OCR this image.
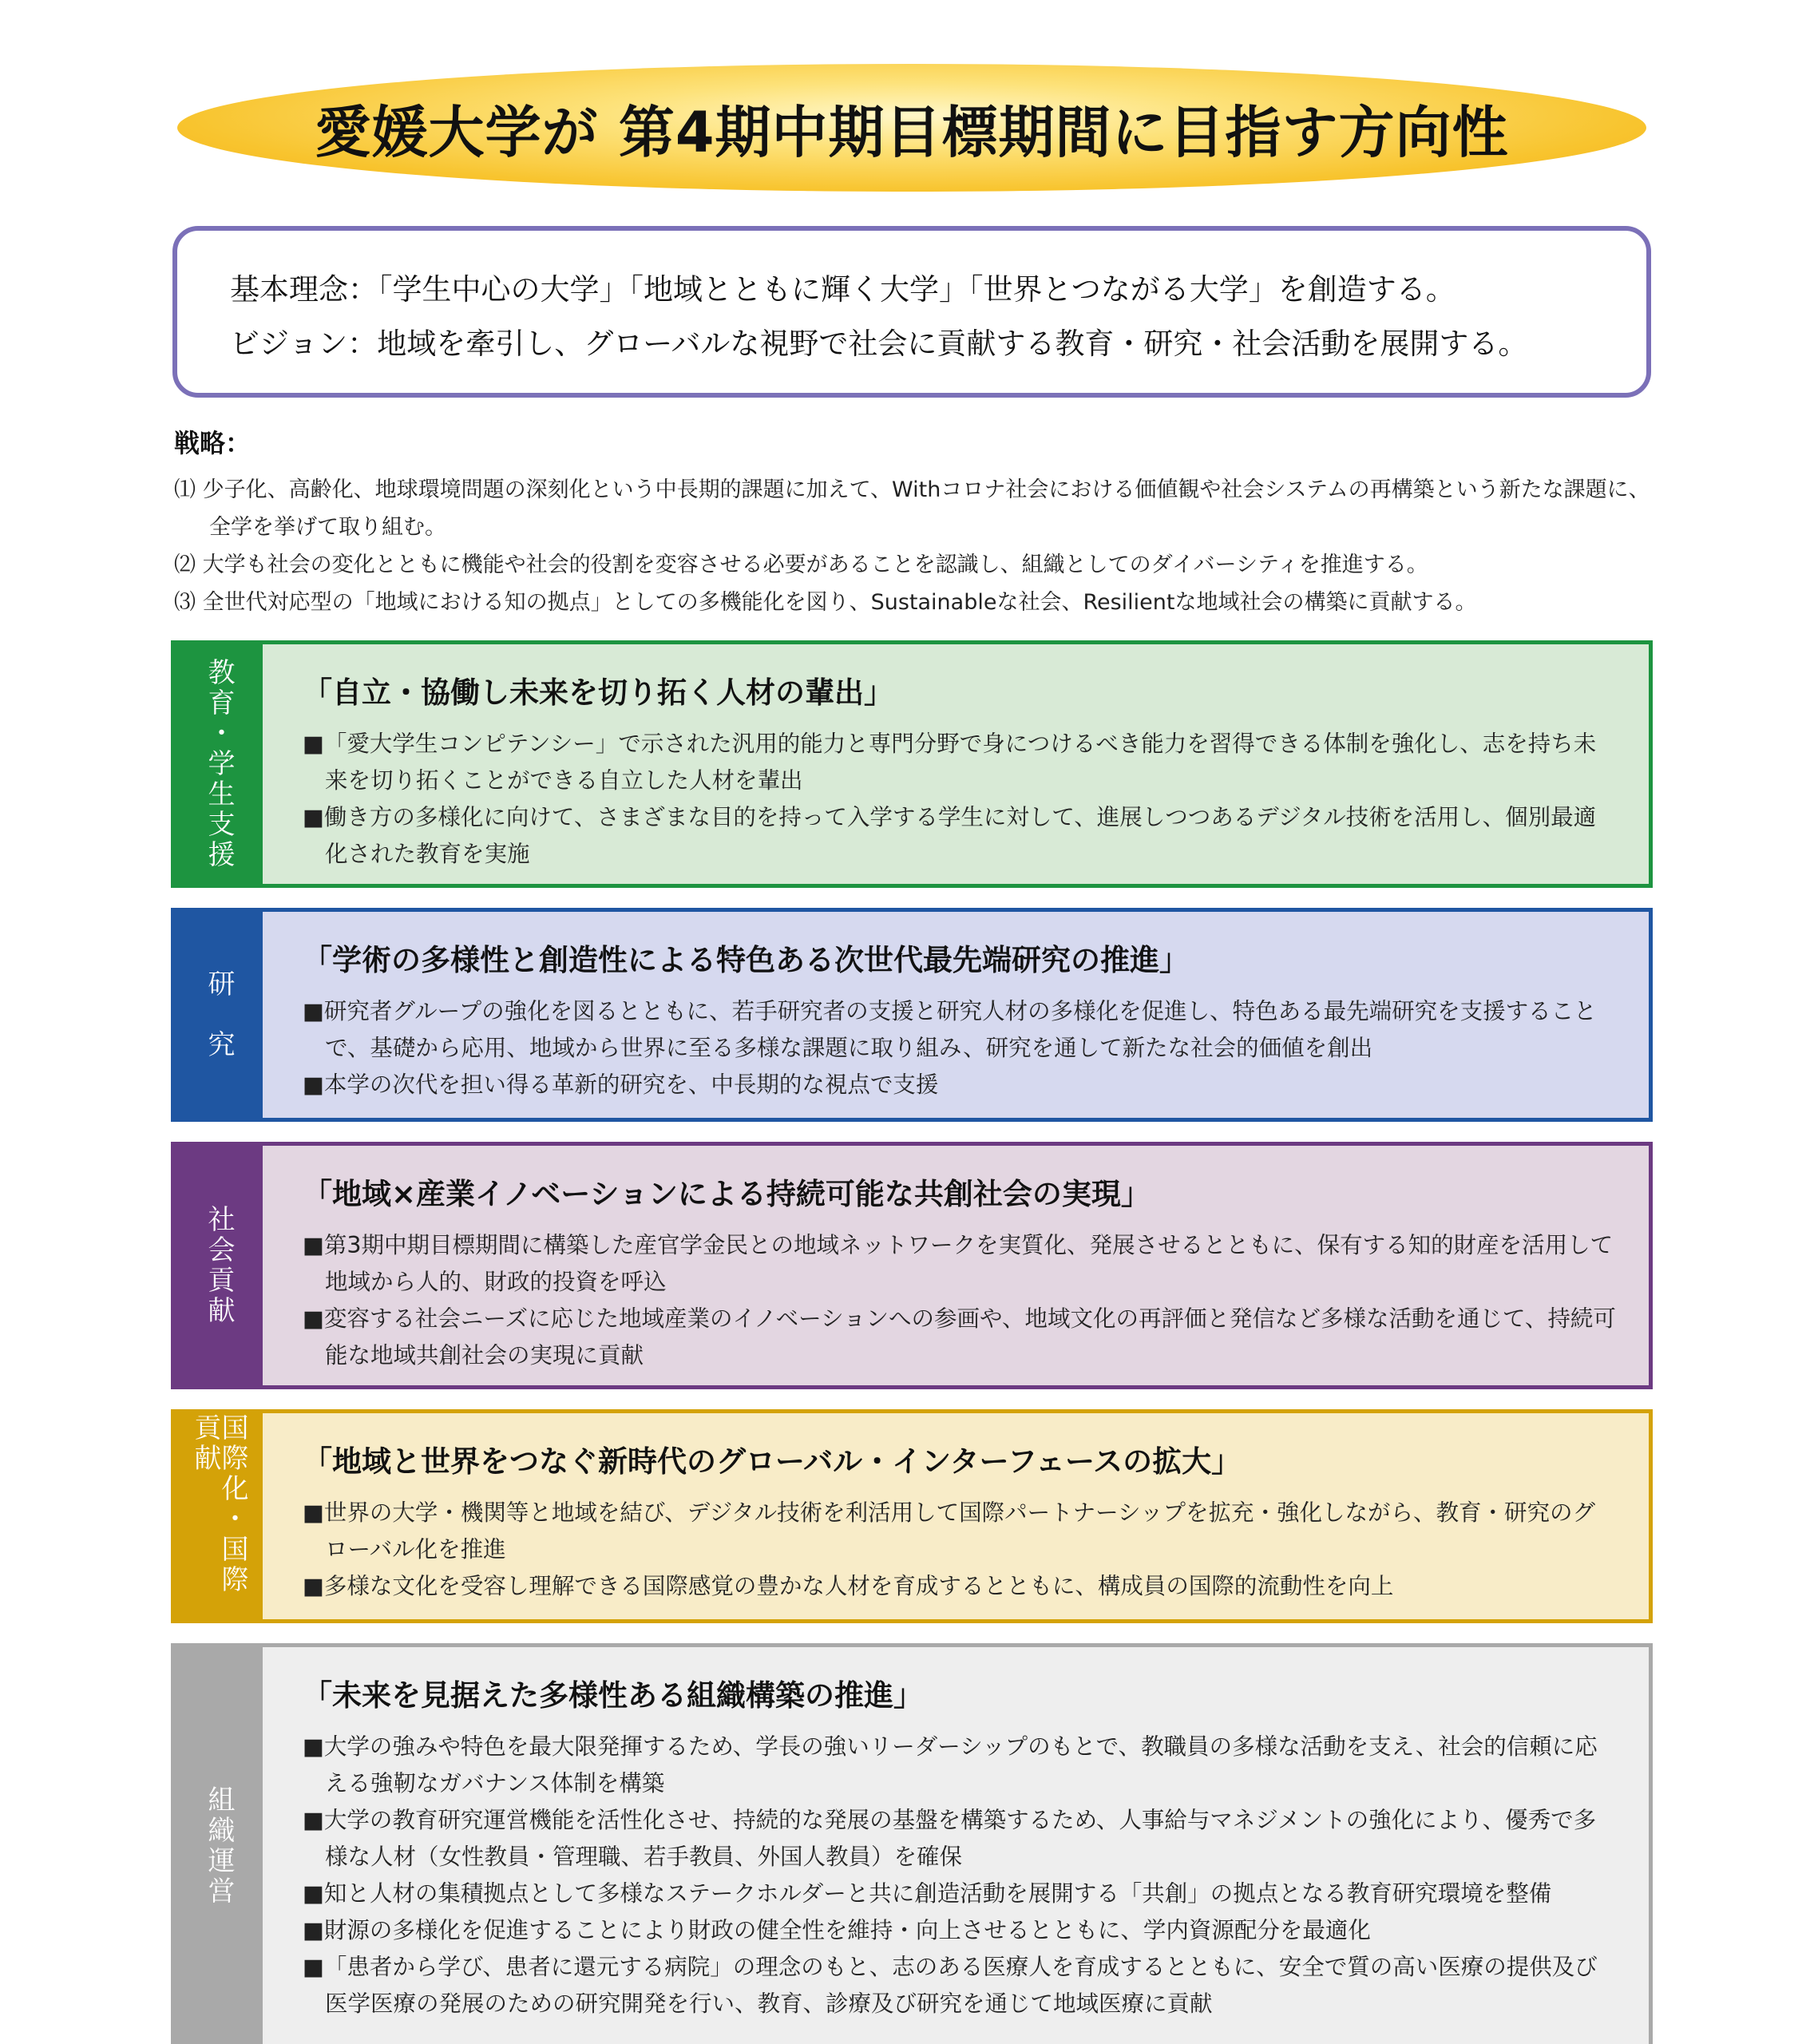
愛媛大学が 第4期中期目標期間に目指す方向性
基本理念：「学生中心の大学」「地域とともに輝く大学」「世界とつながる大学」を創造する。
ビジョン：地域を牽引し、グローバルな視野で社会に貢献する教育・研究・社会活動を展開する。
戦略：
⑴ 少子化、高齢化、地球環境問題の深刻化という中長期的課題に加えて、Withコロナ社会における価値観や社会システムの再構築という新たな課題に、全学を挙げて取り組む。
⑵ 大学も社会の変化とともに機能や社会的役割を変容させる必要があることを認識し、組織としてのダイバーシティを推進する。
⑶ 全世代対応型の「地域における知の拠点」としての多機能化を図り、Sustainableな社会、Resilientな地域社会の構築に貢献する。
教育・学生支援 「自立・協働し未来を切り拓く人材の輩出」
■「愛大学生コンピテンシー」で示された汎用的能力と専門分野で身につけるべき能力を習得できる体制を強化し、志を持ち未来を切り拓くことができる自立した人材を輩出
■働き方の多様化に向けて、さまざまな目的を持って入学する学生に対して、進展しつつあるデジタル技術を活用し、個別最適化された教育を実施
研　究
「学術の多様性と創造性による特色ある次世代最先端研究の推進」
■研究者グループの強化を図るとともに、若手研究者の支援と研究人材の多様化を促進し、特色ある最先端研究を支援することで、基礎から応用、地域から世界に至る多様な課題に取り組み、研究を通して新たな社会的価値を創出
■本学の次代を担い得る革新的研究を、中長期的な視点で支援
社会貢献
「地域×産業イノベーションによる持続可能な共創社会の実現」
■第3期中期目標期間に構築した産官学金民との地域ネットワークを実質化、発展させるとともに、保有する知的財産を活用して地域から人的、財政的投資を呼込
■変容する社会ニーズに応じた地域産業のイノベーションへの参画や、地域文化の再評価と発信など多様な活動を通じて、持続可能な地域共創社会の実現に貢献
国際化・国際貢献	「地域と世界をつなぐ新時代のグローバル・インターフェースの拡大」
■世界の大学・機関等と地域を結び、デジタル技術を利活用して国際パートナーシップを拡充・強化しながら、教育・研究のグローバル化を推進
■多様な文化を受容し理解できる国際感覚の豊かな人材を育成するとともに、構成員の国際的流動性を向上
組織運営
「未来を見据えた多様性ある組織構築の推進」
■大学の強みや特色を最大限発揮するため、学長の強いリーダーシップのもとで、教職員の多様な活動を支え、社会的信頼に応える強靭なガバナンス体制を構築
■大学の教育研究運営機能を活性化させ、持続的な発展の基盤を構築するため、人事給与マネジメントの強化により、優秀で多様な人材（女性教員・管理職、若手教員、外国人教員）を確保
■知と人材の集積拠点として多様なステークホルダーと共に創造活動を展開する「共創」の拠点となる教育研究環境を整備
■財源の多様化を促進することにより財政の健全性を維持・向上させるとともに、学内資源配分を最適化
■「患者から学び、患者に還元する病院」の理念のもと、志のある医療人を育成するとともに、安全で質の高い医療の提供及び医学医療の発展のための研究開発を行い、教育、診療及び研究を通じて地域医療に貢献
